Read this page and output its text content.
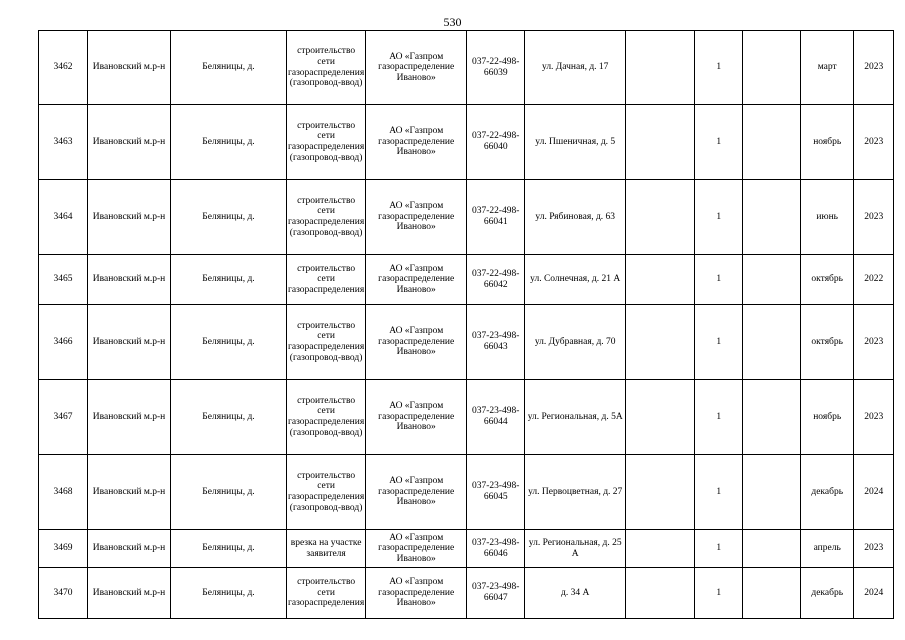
530
3462	Ивановский м.р-н	Беляницы, д.	строительство сети газораспределения (газопровод-ввод)	АО «Газпром газораспределение Иваново»	037-22-498-66039	ул. Дачная, д. 17		1		март	2023
3463	Ивановский м.р-н	Беляницы, д.	строительство сети газораспределения (газопровод-ввод)	АО «Газпром газораспределение Иваново»	037-22-498-66040	ул. Пшеничная, д. 5		1		ноябрь	2023
3464	Ивановский м.р-н	Беляницы, д.	строительство сети газораспределения (газопровод-ввод)	АО «Газпром газораспределение Иваново»	037-22-498-66041	ул. Рябиновая, д. 63		1		июнь	2023
3465	Ивановский м.р-н	Беляницы, д.	строительство сети газораспределения	АО «Газпром газораспределение Иваново»	037-22-498-66042	ул. Солнечная, д. 21 А		1		октябрь	2022
3466	Ивановский м.р-н	Беляницы, д.	строительство сети газораспределения (газопровод-ввод)	АО «Газпром газораспределение Иваново»	037-23-498-66043	ул. Дубравная, д. 70		1		октябрь	2023
3467	Ивановский м.р-н	Беляницы, д.	строительство сети газораспределения (газопровод-ввод)	АО «Газпром газораспределение Иваново»	037-23-498-66044	ул. Региональная, д. 5А		1		ноябрь	2023
3468	Ивановский м.р-н	Беляницы, д.	строительство сети газораспределения (газопровод-ввод)	АО «Газпром газораспределение Иваново»	037-23-498-66045	ул. Первоцветная, д. 27		1		декабрь	2024
3469	Ивановский м.р-н	Беляницы, д.	врезка на участке заявителя	АО «Газпром газораспределение Иваново»	037-23-498-66046	ул. Региональная, д. 25 А		1		апрель	2023
3470	Ивановский м.р-н	Беляницы, д.	строительство сети газораспределения	АО «Газпром газораспределение Иваново»	037-23-498-66047	д. 34 А		1		декабрь	2024
